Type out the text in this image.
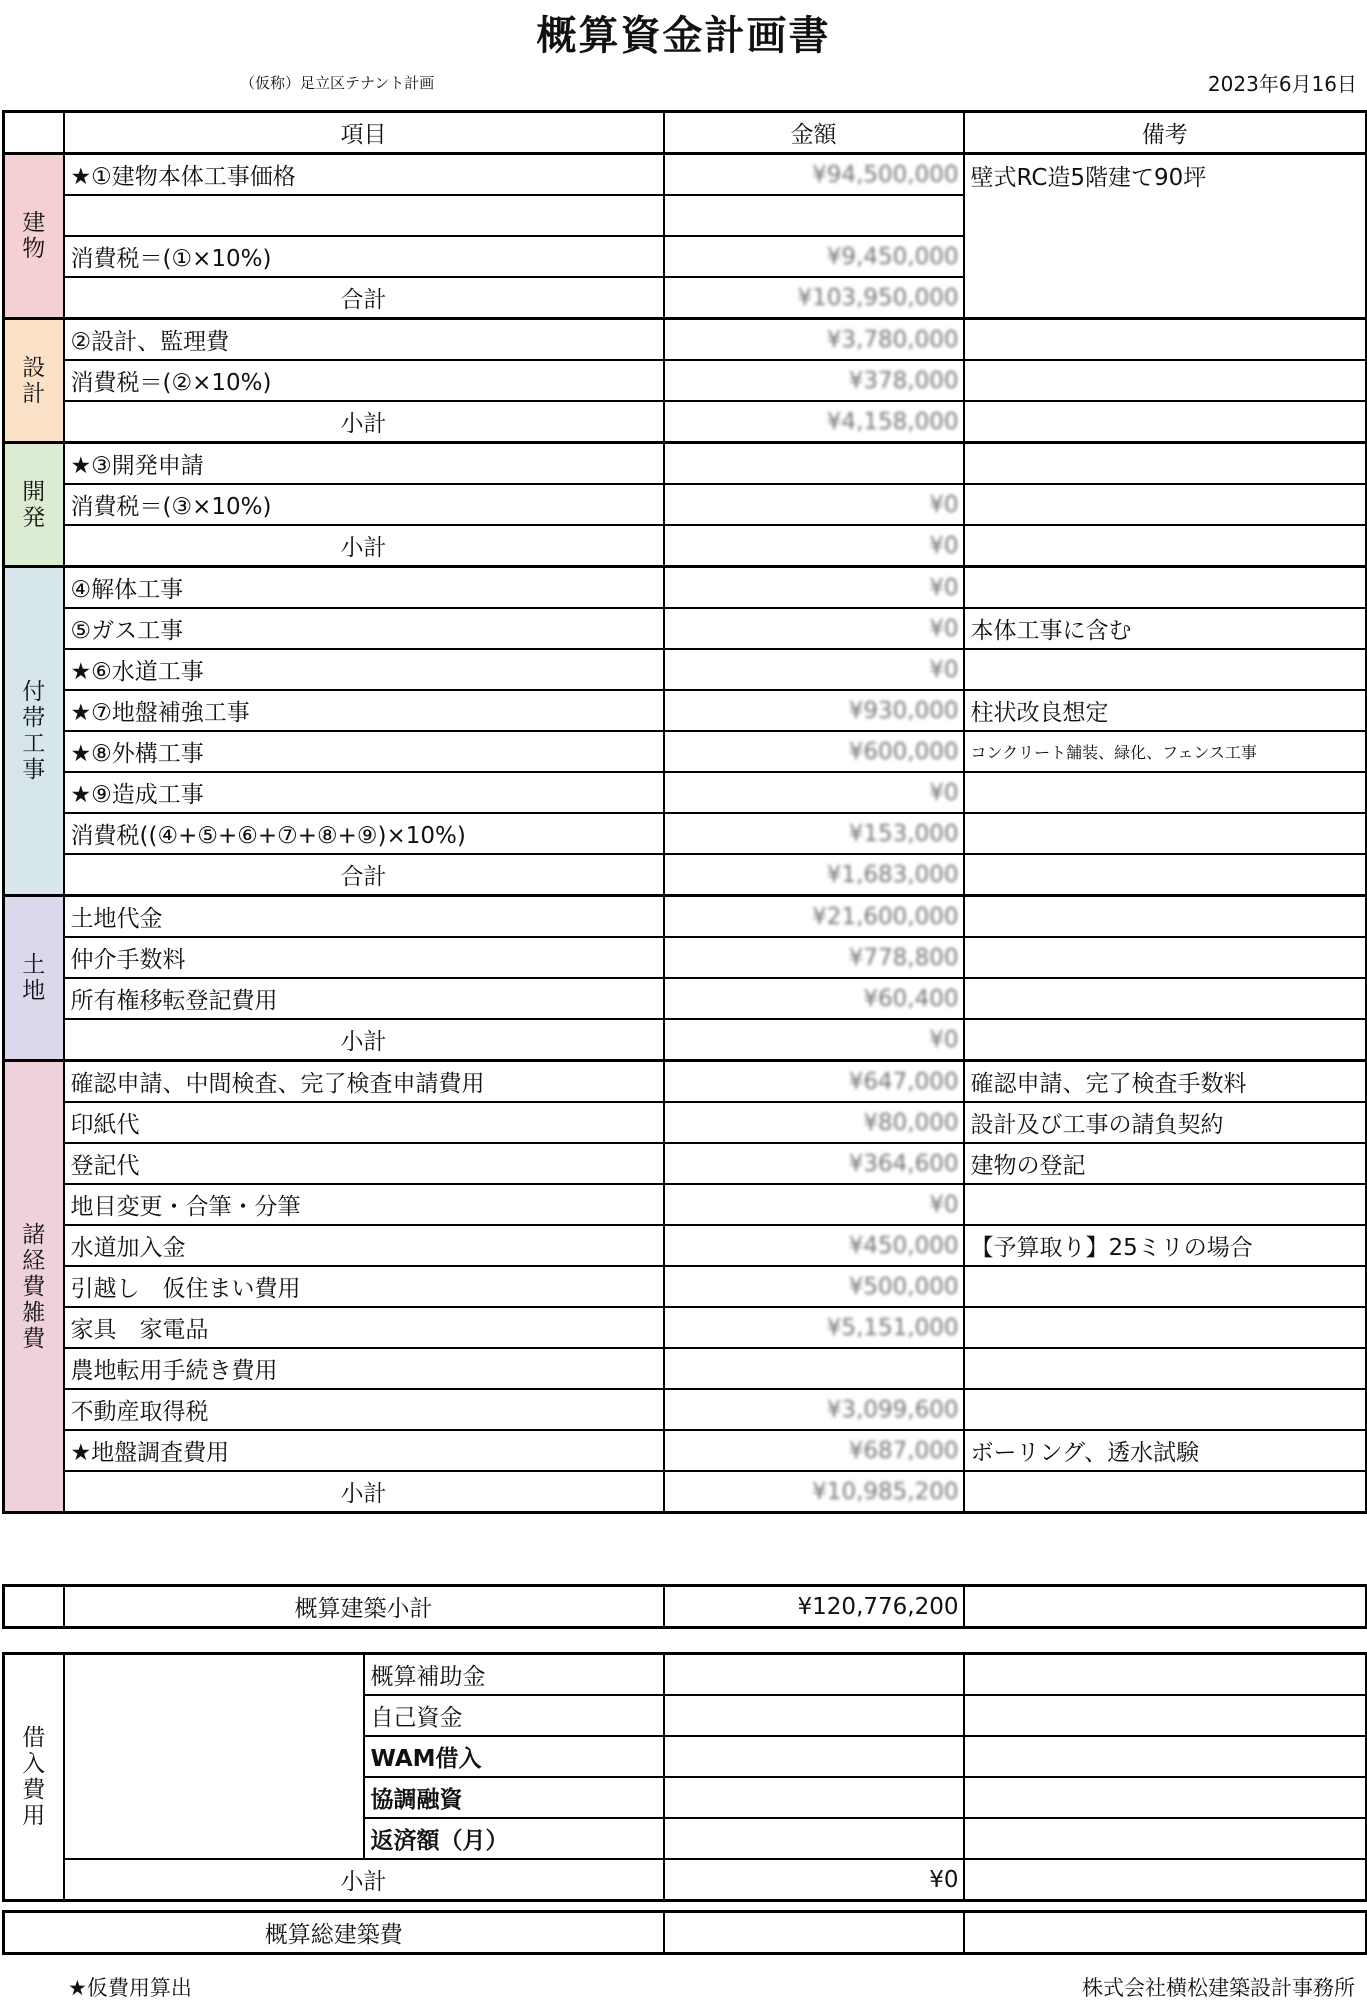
概算資金計画書
（仮称）足立区テナント計画	2023年6月16日
	項目	金額	備考
建物	★①建物本体工事価格	¥94,500,000	壁式RC造5階建て90坪

	消費税＝(①×10%)	¥9,450,000	
	合計	¥103,950,000	
設計	②設計、監理費	¥3,780,000	
	消費税＝(②×10%)	¥378,000	
	小計	¥4,158,000	
開発	★③開発申請		
	消費税＝(③×10%)	¥0	
	小計	¥0	
付帯工事	④解体工事	¥0	
	⑤ガス工事	¥0	本体工事に含む
	★⑥水道工事	¥0	
	★⑦地盤補強工事	¥930,000	柱状改良想定
	★⑧外構工事	¥600,000	コンクリート舗装、緑化、フェンス工事
	★⑨造成工事	¥0	
	消費税((④+⑤+⑥+⑦+⑧+⑨)×10%)	¥153,000	
	合計	¥1,683,000	
土地	土地代金	¥21,600,000	
	仲介手数料	¥778,800	
	所有権移転登記費用	¥60,400	
	小計	¥0	
諸経費雑費	確認申請、中間検査、完了検査申請費用	¥647,000	確認申請、完了検査手数料
	印紙代	¥80,000	設計及び工事の請負契約
	登記代	¥364,600	建物の登記
	地目変更・合筆・分筆	¥0	
	水道加入金	¥450,000	【予算取り】25ミリの場合
	引越し　仮住まい費用	¥500,000	
	家具　家電品	¥5,151,000	
	農地転用手続き費用		
	不動産取得税	¥3,099,600	
	★地盤調査費用	¥687,000	ボーリング、透水試験
	小計	¥10,985,200	
	概算建築小計	¥120,776,200	
借入費用		概算補助金		
		自己資金		
		WAM借入		
		協調融資		
		返済額（月）		
	小計		¥0	
概算総建築費		
★仮費用算出	株式会社横松建築設計事務所
